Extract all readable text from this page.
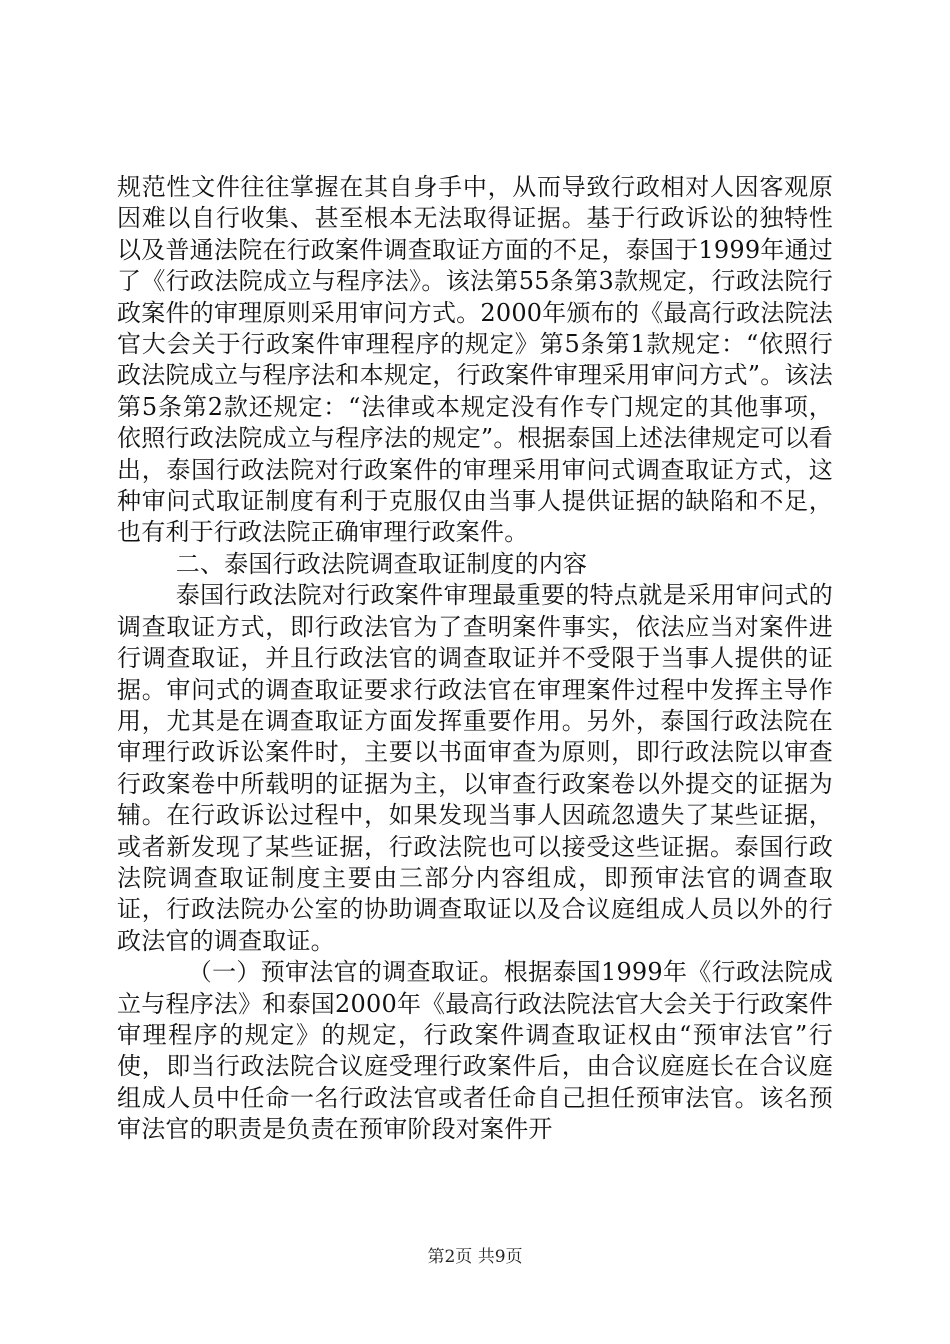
规范性文件往往掌握在其自身手中，从而导致行政相对人因客观原因难以自行收集、甚至根本无法取得证据。基于行政诉讼的独特性以及普通法院在行政案件调查取证方面的不足，泰国于1999年通过了《行政法院成立与程序法》。该法第55条第3款规定，行政法院行政案件的审理原则采用审问方式。2000年颁布的《最高行政法院法官大会关于行政案件审理程序的规定》第5条第1款规定：“依照行政法院成立与程序法和本规定，行政案件审理采用审问方式”。该法第5条第2款还规定：“法律或本规定没有作专门规定的其他事项，依照行政法院成立与程序法的规定”。根据泰国上述法律规定可以看出，泰国行政法院对行政案件的审理采用审问式调查取证方式，这种审问式取证制度有利于克服仅由当事人提供证据的缺陷和不足，也有利于行政法院正确审理行政案件。

二、泰国行政法院调查取证制度的内容

泰国行政法院对行政案件审理最重要的特点就是采用审问式的调查取证方式，即行政法官为了查明案件事实，依法应当对案件进行调查取证，并且行政法官的调查取证并不受限于当事人提供的证据。审问式的调查取证要求行政法官在审理案件过程中发挥主导作用，尤其是在调查取证方面发挥重要作用。另外，泰国行政法院在审理行政诉讼案件时，主要以书面审查为原则，即行政法院以审查行政案卷中所载明的证据为主，以审查行政案卷以外提交的证据为辅。在行政诉讼过程中，如果发现当事人因疏忽遗失了某些证据，或者新发现了某些证据，行政法院也可以接受这些证据。泰国行政法院调查取证制度主要由三部分内容组成，即预审法官的调查取证，行政法院办公室的协助调查取证以及合议庭组成人员以外的行政法官的调查取证。

（一）预审法官的调查取证。根据泰国1999年《行政法院成立与程序法》和泰国2000年《最高行政法院法官大会关于行政案件审理程序的规定》的规定，行政案件调查取证权由“预审法官”行使，即当行政法院合议庭受理行政案件后，由合议庭庭长在合议庭组成人员中任命一名行政法官或者任命自己担任预审法官。该名预审法官的职责是负责在预审阶段对案件开

第2页 共9页
